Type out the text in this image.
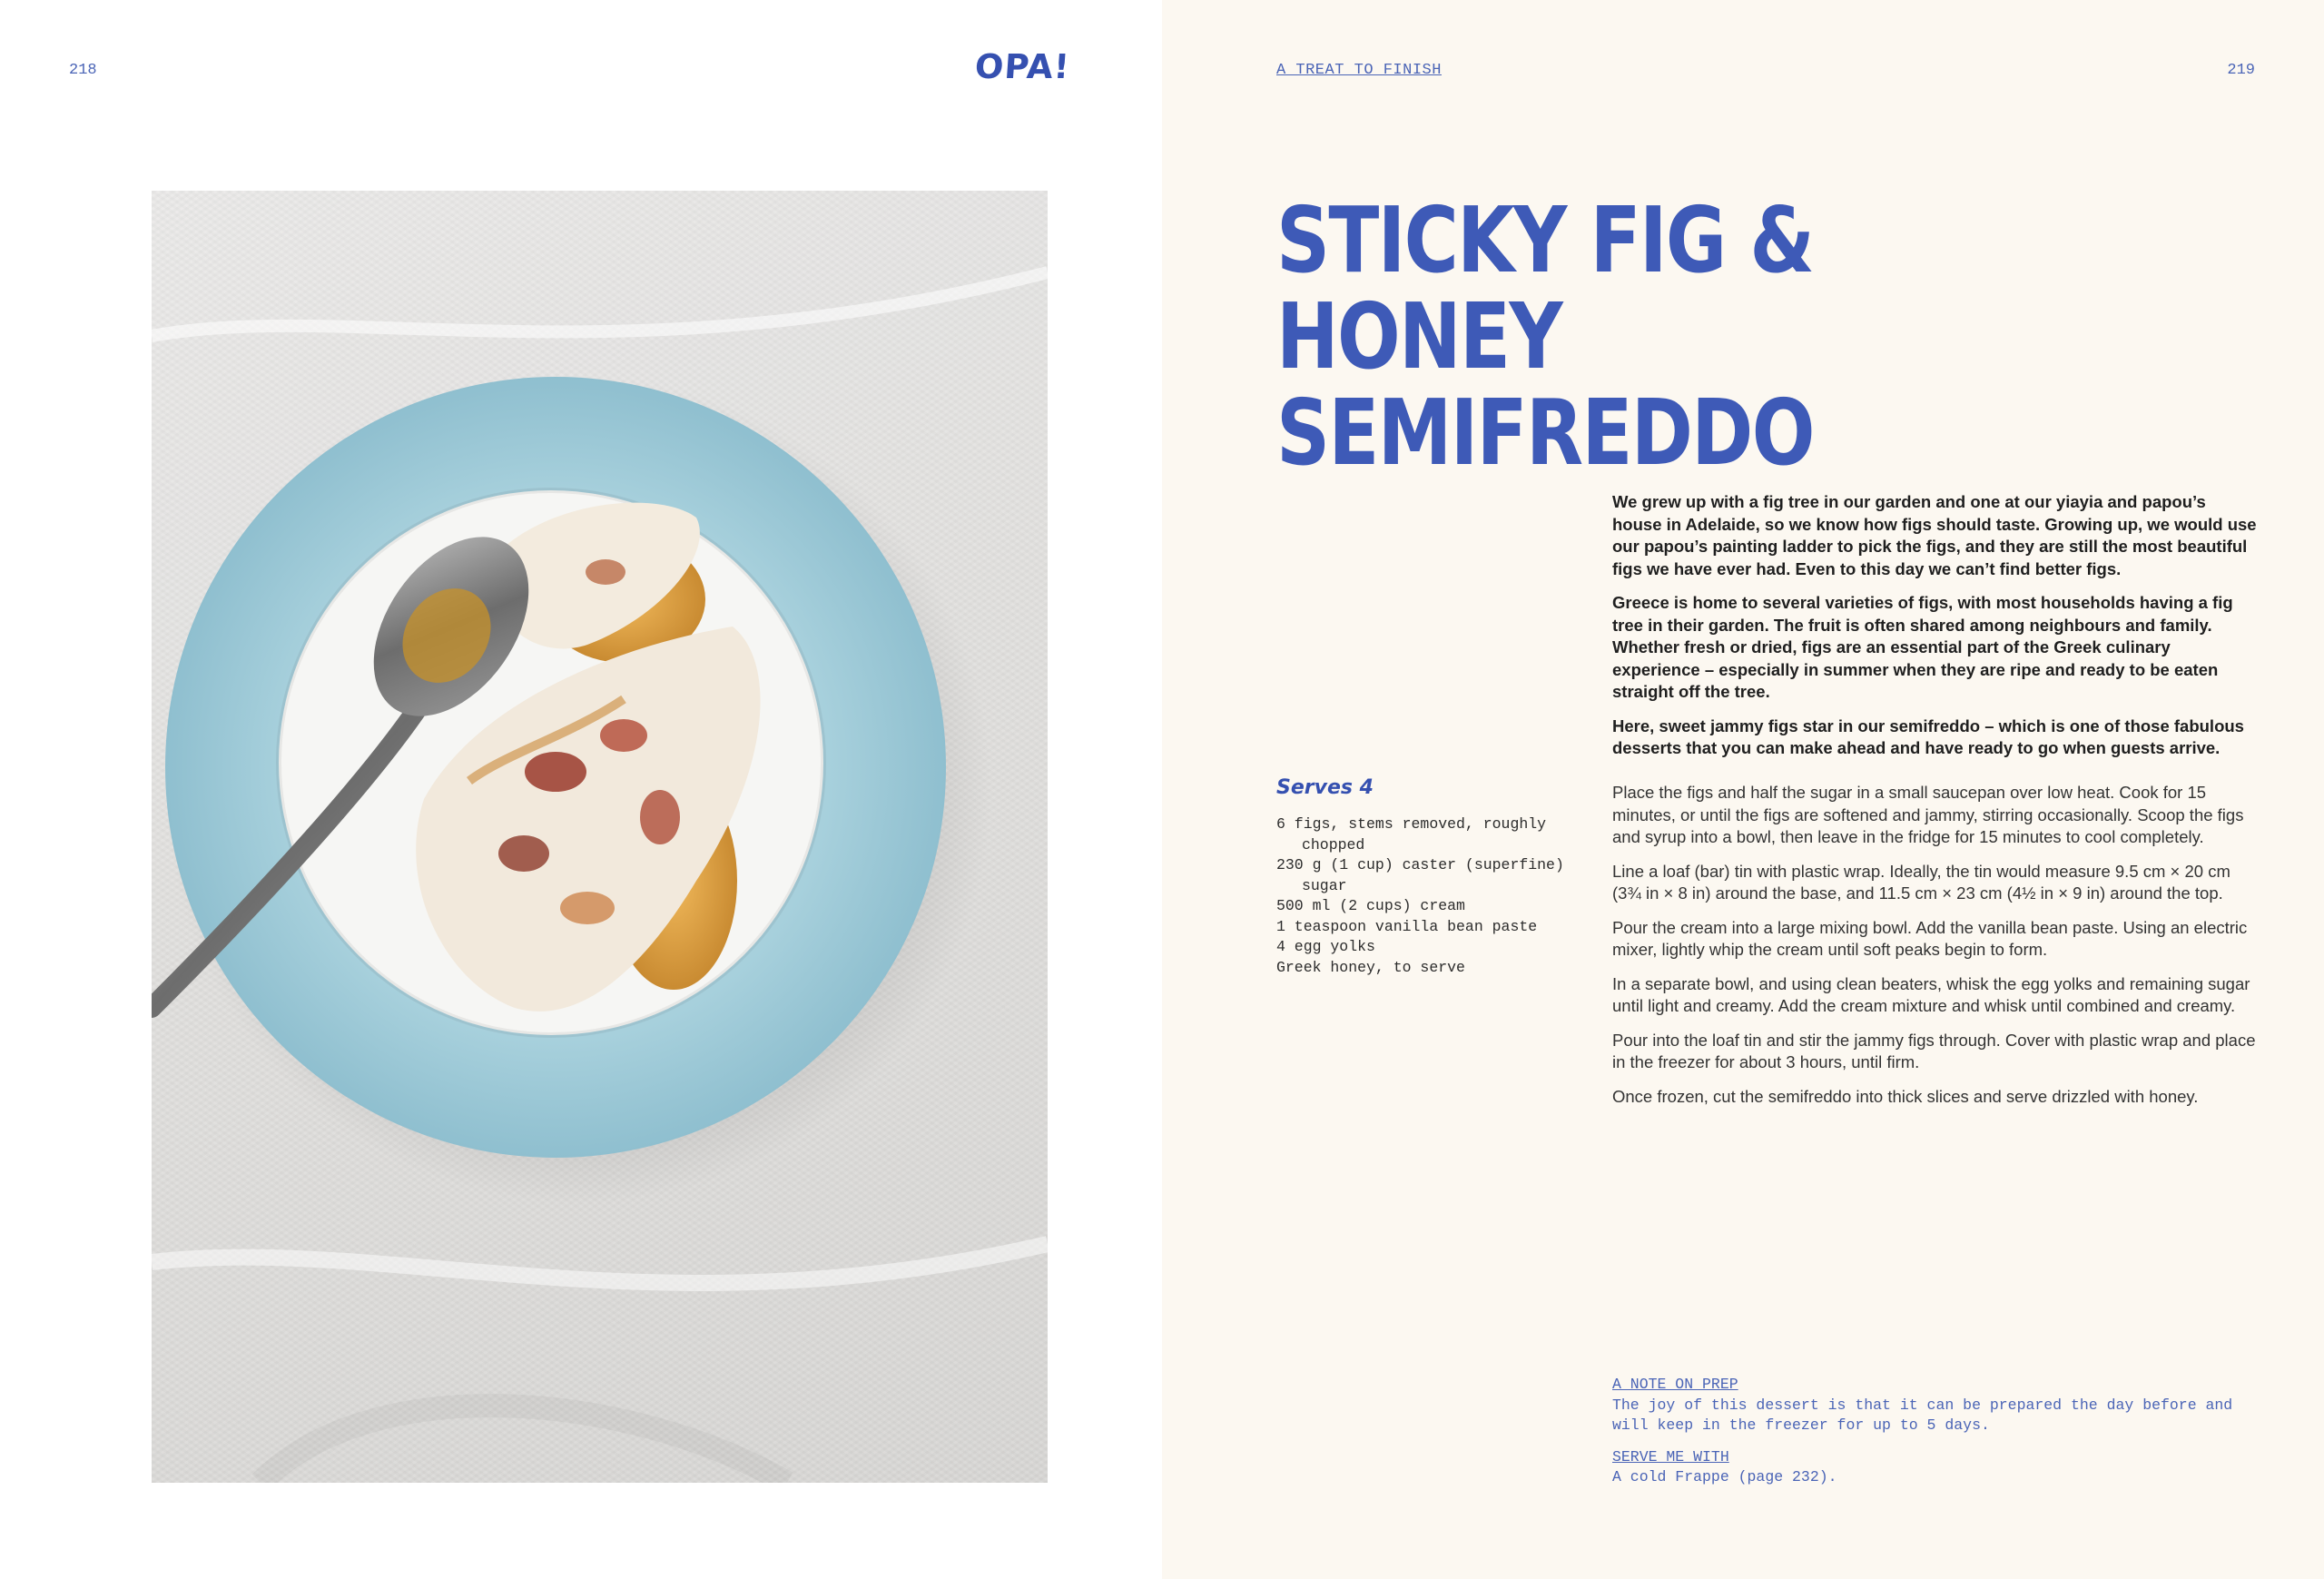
218	OPA!	A TREAT TO FINISH	219
STICKY FIG & HONEY
SEMIFREDDO

We grew up with a fig tree in our garden and one at our yiayia and papou’s house in Adelaide, so we know how figs should taste. Growing up, we would use our papou’s painting ladder to pick the figs, and they are still the most beautiful figs we have ever had. Even to this day we can’t find better figs.

Greece is home to several varieties of figs, with most households having a fig tree in their garden. The fruit is often shared among neighbours and family. Whether fresh or dried, figs are an essential part of the Greek culinary experience – especially in summer when they are ripe and ready to be eaten straight off the tree.

Here, sweet jammy figs star in our semifreddo – which is one of those fabulous desserts that you can make ahead and have ready to go when guests arrive.

Serves 4
6 figs, stems removed, roughly chopped
230 g (1 cup) caster (superfine) sugar
500 ml (2 cups) cream
1 teaspoon vanilla bean paste
4 egg yolks
Greek honey, to serve

Place the figs and half the sugar in a small saucepan over low heat. Cook for 15 minutes, or until the figs are softened and jammy, stirring occasionally. Scoop the figs and syrup into a bowl, then leave in the fridge for 15 minutes to cool completely.

Line a loaf (bar) tin with plastic wrap. Ideally, the tin would measure 9.5 cm × 20 cm (3¾ in × 8 in) around the base, and 11.5 cm × 23 cm (4½ in × 9 in) around the top.

Pour the cream into a large mixing bowl. Add the vanilla bean paste. Using an electric mixer, lightly whip the cream until soft peaks begin to form.

In a separate bowl, and using clean beaters, whisk the egg yolks and remaining sugar until light and creamy. Add the cream mixture and whisk until combined and creamy.

Pour into the loaf tin and stir the jammy figs through. Cover with plastic wrap and place in the freezer for about 3 hours, until firm.

Once frozen, cut the semifreddo into thick slices and serve drizzled with honey.

A NOTE ON PREP
The joy of this dessert is that it can be prepared the day before and will keep in the freezer for up to 5 days.
SERVE ME WITH
A cold Frappe (page 232).
